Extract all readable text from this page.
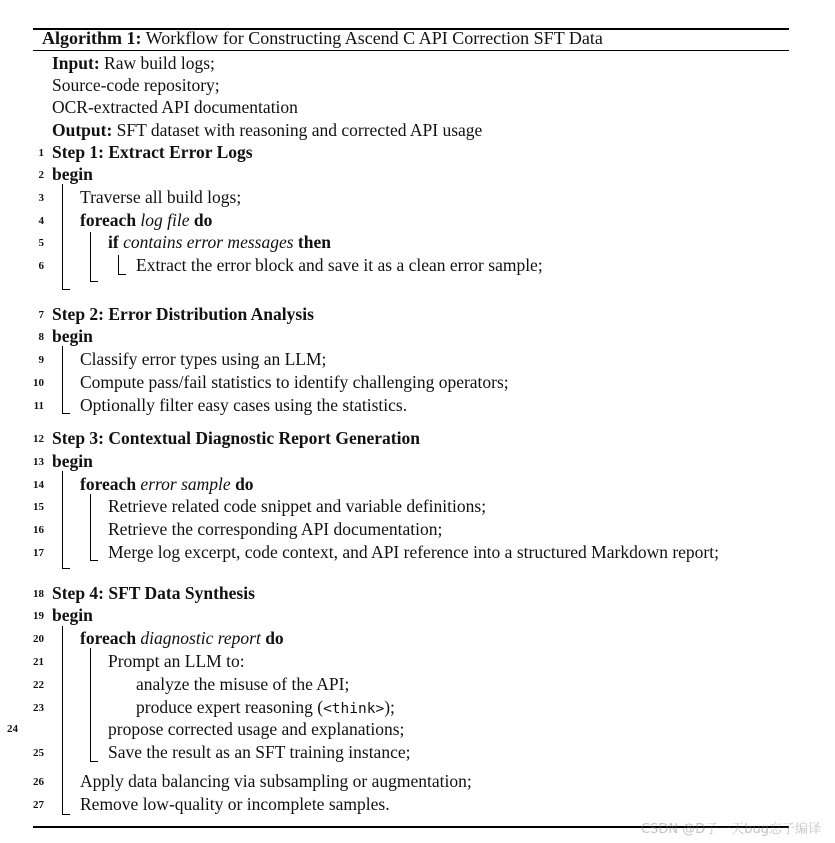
Algorithm 1: Workflow for Constructing Ascend C API Correction SFT Data
Input: Raw build logs;
Source-code repository;
OCR-extracted API documentation
Output: SFT dataset with reasoning and corrected API usage
1 Step 1: Extract Error Logs
2 begin
3 Traverse all build logs;
4 foreach log file do
5	if contains error messages then
6	Extract the error block and save it as a clean error sample;
7 Step 2: Error Distribution Analysis
8 begin
9 Classify error types using an LLM;
10 Compute pass/fail statistics to identify challenging operators;
11 Optionally filter easy cases using the statistics.
12 Step 3: Contextual Diagnostic Report Generation
13 begin
14 foreach error sample do
15	Retrieve related code snippet and variable definitions;
16	Retrieve the corresponding API documentation;
17	Merge log excerpt, code context, and API reference into a structured Markdown report;
18 Step 4: SFT Data Synthesis
19 begin
20 foreach diagnostic report do
21	Prompt an LLM to:
22	analyze the misuse of the API;
23	produce expert reasoning (<think>);
24	propose corrected usage and explanations;
25	Save the result as an SFT training instance;
26 Apply data balancing via subsampling or augmentation;
27 Remove low-quality or incomplete samples.
CSDN @D子一天bug忘子编译
